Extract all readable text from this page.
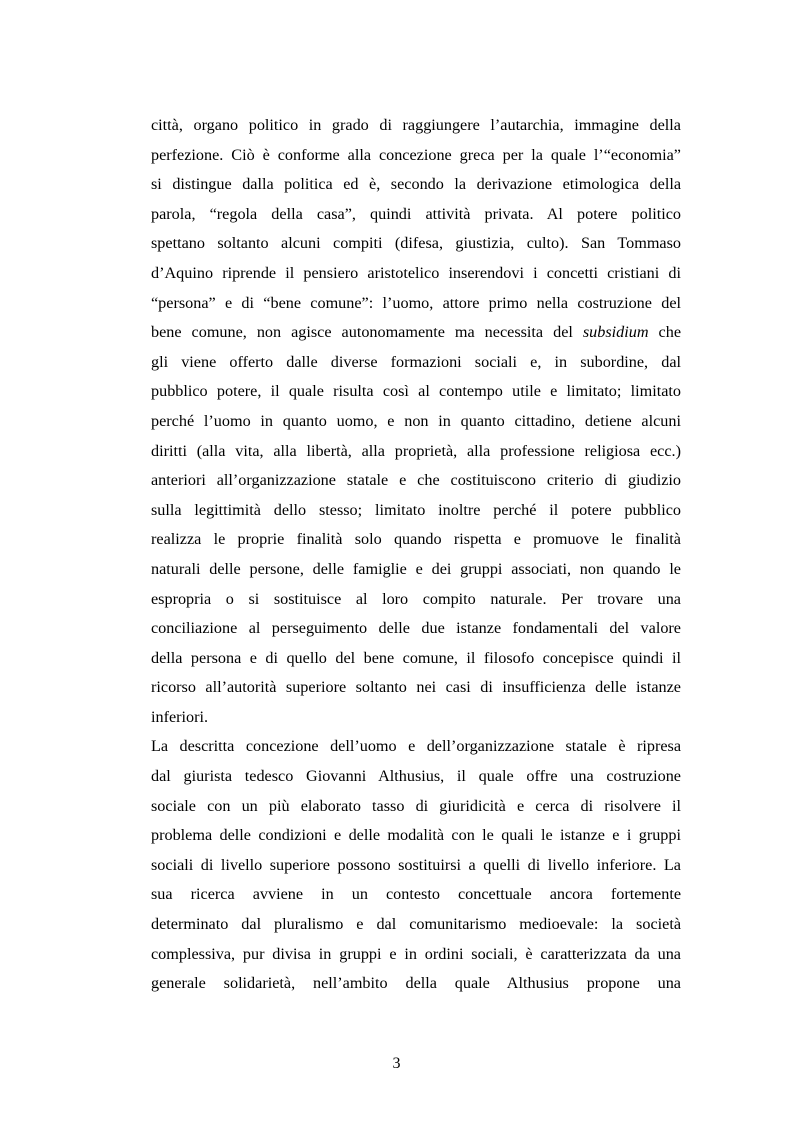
città, organo politico in grado di raggiungere l’autarchia, immagine della
perfezione. Ciò è conforme alla concezione greca per la quale l’“economia”
si distingue dalla politica ed è, secondo la derivazione etimologica della
parola, “regola della casa”, quindi attività privata. Al potere politico
spettano soltanto alcuni compiti (difesa, giustizia, culto). San Tommaso
d’Aquino riprende il pensiero aristotelico inserendovi i concetti cristiani di
“persona” e di “bene comune”: l’uomo, attore primo nella costruzione del
bene comune, non agisce autonomamente ma necessita del subsidium che
gli viene offerto dalle diverse formazioni sociali e, in subordine, dal
pubblico potere, il quale risulta così al contempo utile e limitato; limitato
perché l’uomo in quanto uomo, e non in quanto cittadino, detiene alcuni
diritti (alla vita, alla libertà, alla proprietà, alla professione religiosa ecc.)
anteriori all’organizzazione statale e che costituiscono criterio di giudizio
sulla legittimità dello stesso; limitato inoltre perché il potere pubblico
realizza le proprie finalità solo quando rispetta e promuove le finalità
naturali delle persone, delle famiglie e dei gruppi associati, non quando le
espropria o si sostituisce al loro compito naturale. Per trovare una
conciliazione al perseguimento delle due istanze fondamentali del valore
della persona e di quello del bene comune, il filosofo concepisce quindi il
ricorso all’autorità superiore soltanto nei casi di insufficienza delle istanze
inferiori.
La descritta concezione dell’uomo e dell’organizzazione statale è ripresa
dal giurista tedesco Giovanni Althusius, il quale offre una costruzione
sociale con un più elaborato tasso di giuridicità e cerca di risolvere il
problema delle condizioni e delle modalità con le quali le istanze e i gruppi
sociali di livello superiore possono sostituirsi a quelli di livello inferiore. La
sua ricerca avviene in un contesto concettuale ancora fortemente
determinato dal pluralismo e dal comunitarismo medioevale: la società
complessiva, pur divisa in gruppi e in ordini sociali, è caratterizzata da una
generale solidarietà, nell’ambito della quale Althusius propone una
3
